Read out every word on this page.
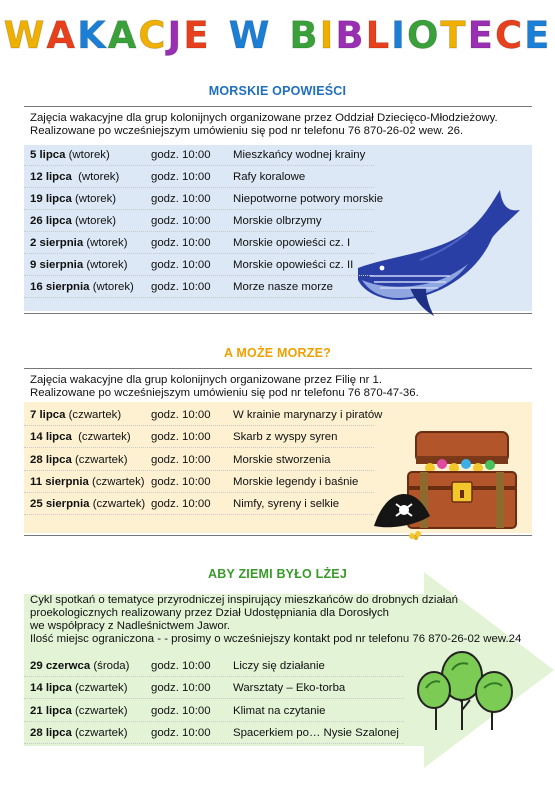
WAKACJE W BIBLIOTECE
MORSKIE OPOWIEŚCI
Zajęcia wakacyjne dla grup kolonijnych organizowane przez Oddział Dziecięco-Młodzieżowy.
Realizowane po wcześniejszym umówieniu się pod nr telefonu 76 870-26-02 wew. 26.
5 lipca (wtorek)	godz. 10:00 Mieszkańcy wodnej krainy
12 lipca  (wtorek)	godz. 10:00 Rafy koralowe
19 lipca (wtorek)	godz. 10:00 Niepotworne potwory morskie
26 lipca (wtorek)	godz. 10:00 Morskie olbrzymy
2 sierpnia (wtorek) godz. 10:00 Morskie opowieści cz. I
9 sierpnia (wtorek) godz. 10:00 Morskie opowieści cz. II
16 sierpnia (wtorek) godz. 10:00 Morze nasze morze
A MOŻE MORZE?
Zajęcia wakacyjne dla grup kolonijnych organizowane przez Filię nr 1.
Realizowane po wcześniejszym umówieniu się pod nr telefonu 76 870-47-36.
7 lipca (czwartek)	godz. 10:00 W krainie marynarzy i piratów
14 lipca  (czwartek) godz. 10:00 Skarb z wyspy syren
28 lipca (czwartek) godz. 10:00 Morskie stworzenia
11 sierpnia (czwartek) godz. 10:00 Morskie legendy i baśnie
25 sierpnia (czwartek) godz. 10:00 Nimfy, syreny i selkie
ABY ZIEMI BYŁO LŻEJ
Cykl spotkań o tematyce przyrodniczej inspirujący mieszkańców do drobnych działań
proekologicznych realizowany przez Dział Udostępniania dla Dorosłych
we współpracy z Nadleśnictwem Jawor.
Ilość miejsc ograniczona - - prosimy o wcześniejszy kontakt pod nr telefonu 76 870-26-02 wew.24
29 czerwca (środa) godz. 10:00 Liczy się działanie
14 lipca (czwartek) godz. 10:00 Warsztaty – Eko-torba
21 lipca (czwartek) godz. 10:00 Klimat na czytanie
28 lipca (czwartek) godz. 10:00 Spacerkiem po… Nysie Szalonej
